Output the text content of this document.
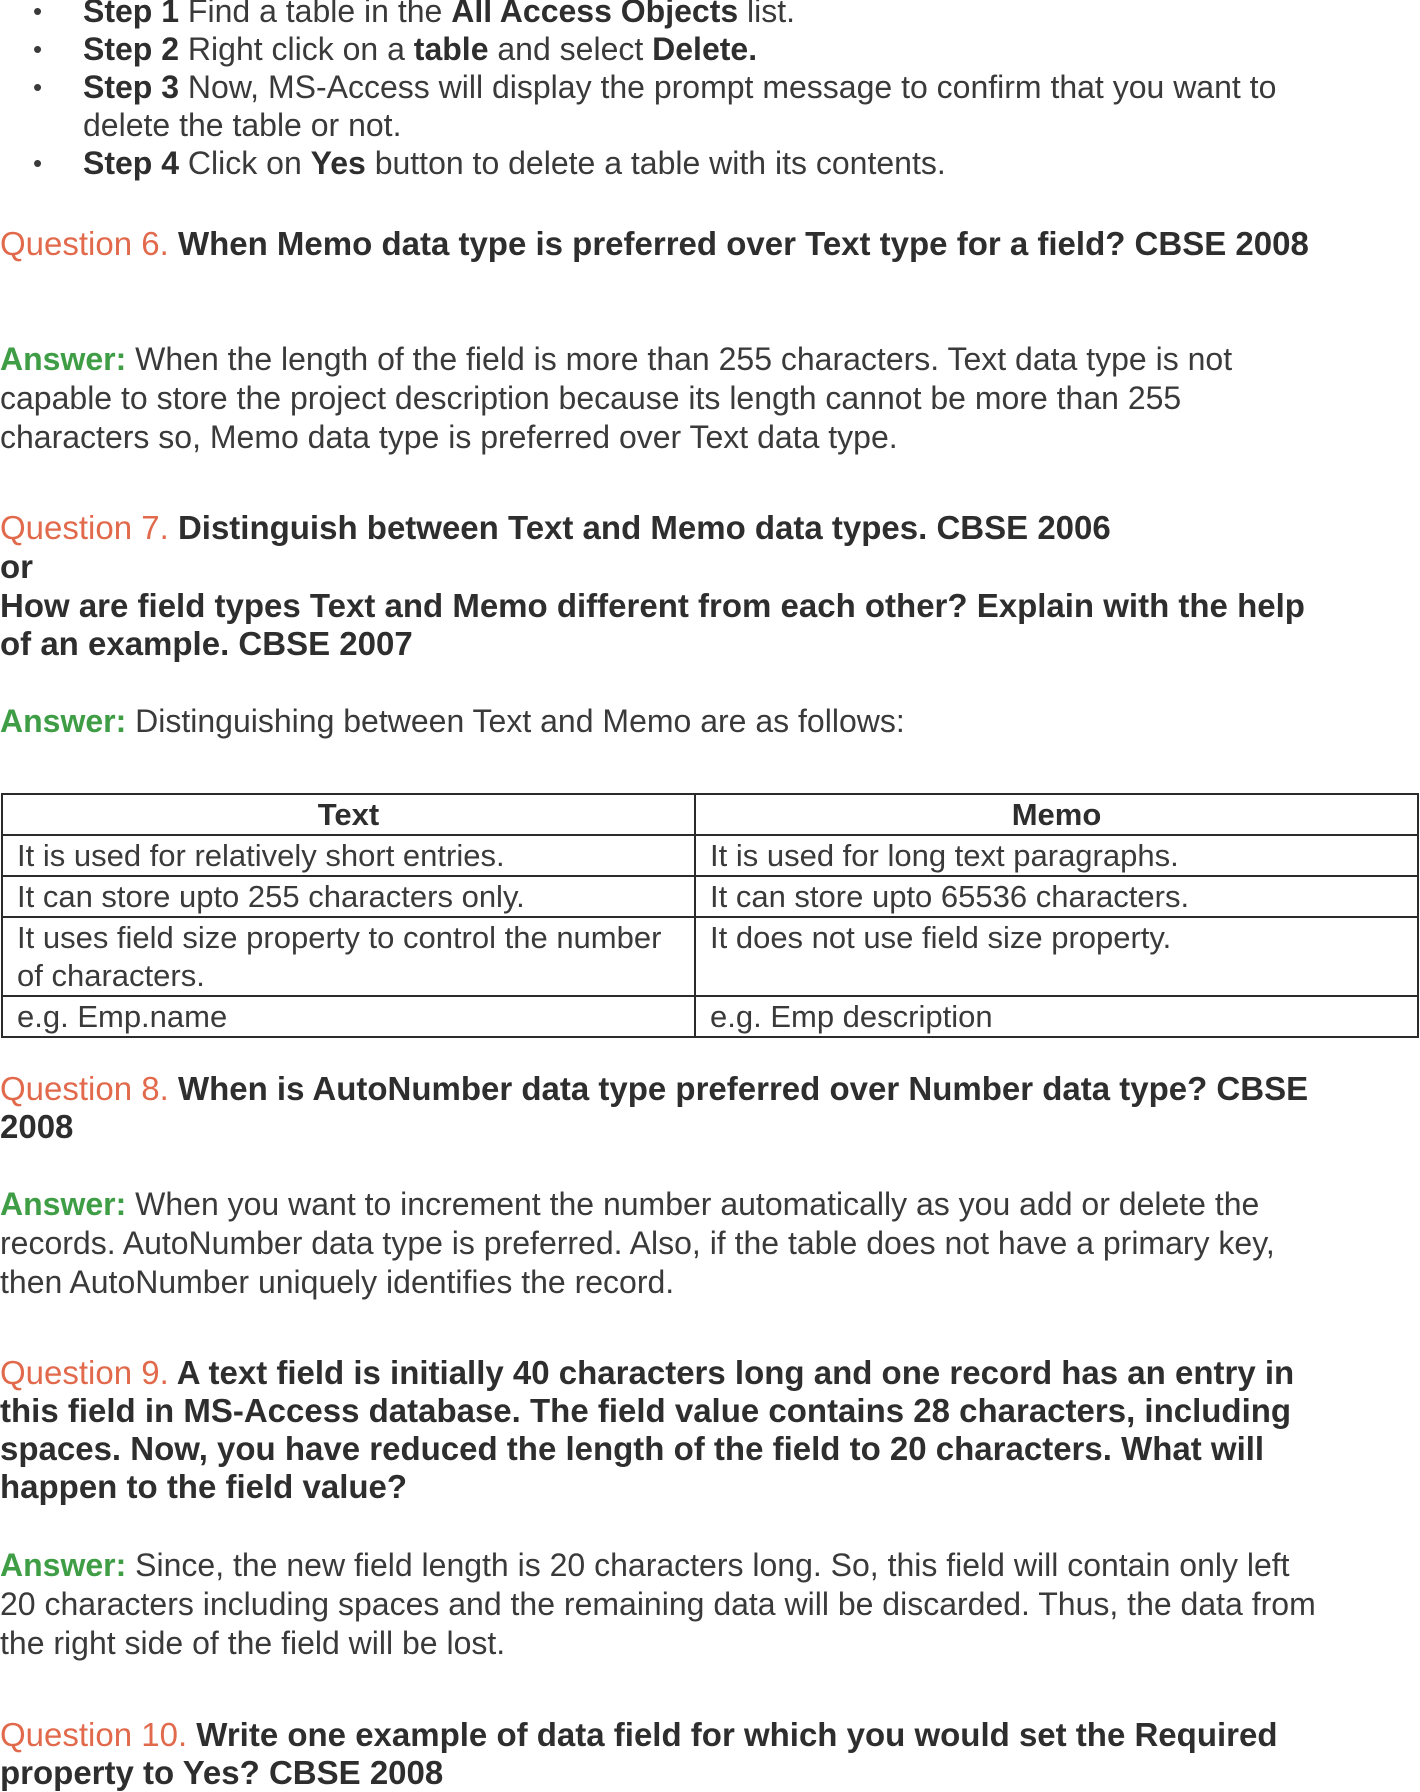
• Step 1 Find a table in the All Access Objects list.
• Step 2 Right click on a table and select Delete.
• Step 3 Now, MS-Access will display the prompt message to confirm that you want to delete the table or not.
• Step 4 Click on Yes button to delete a table with its contents.
Question 6. When Memo data type is preferred over Text type for a field? CBSE 2008
Answer: When the length of the field is more than 255 characters. Text data type is not capable to store the project description because its length cannot be more than 255 characters so, Memo data type is preferred over Text data type.
Question 7. Distinguish between Text and Memo data types. CBSE 2006
or
How are field types Text and Memo different from each other? Explain with the help of an example. CBSE 2007
Answer: Distinguishing between Text and Memo are as follows:
Text	Memo
It is used for relatively short entries.	It is used for long text paragraphs.
It can store upto 255 characters only.	It can store upto 65536 characters.
It uses field size property to control the number of characters.	It does not use field size property.
e.g. Emp.name	e.g. Emp description
Question 8. When is AutoNumber data type preferred over Number data type? CBSE 2008
Answer: When you want to increment the number automatically as you add or delete the records. AutoNumber data type is preferred. Also, if the table does not have a primary key, then AutoNumber uniquely identifies the record.
Question 9. A text field is initially 40 characters long and one record has an entry in this field in MS-Access database. The field value contains 28 characters, including spaces. Now, you have reduced the length of the field to 20 characters. What will happen to the field value?
Answer: Since, the new field length is 20 characters long. So, this field will contain only left 20 characters including spaces and the remaining data will be discarded. Thus, the data from the right side of the field will be lost.
Question 10. Write one example of data field for which you would set the Required property to Yes? CBSE 2008
